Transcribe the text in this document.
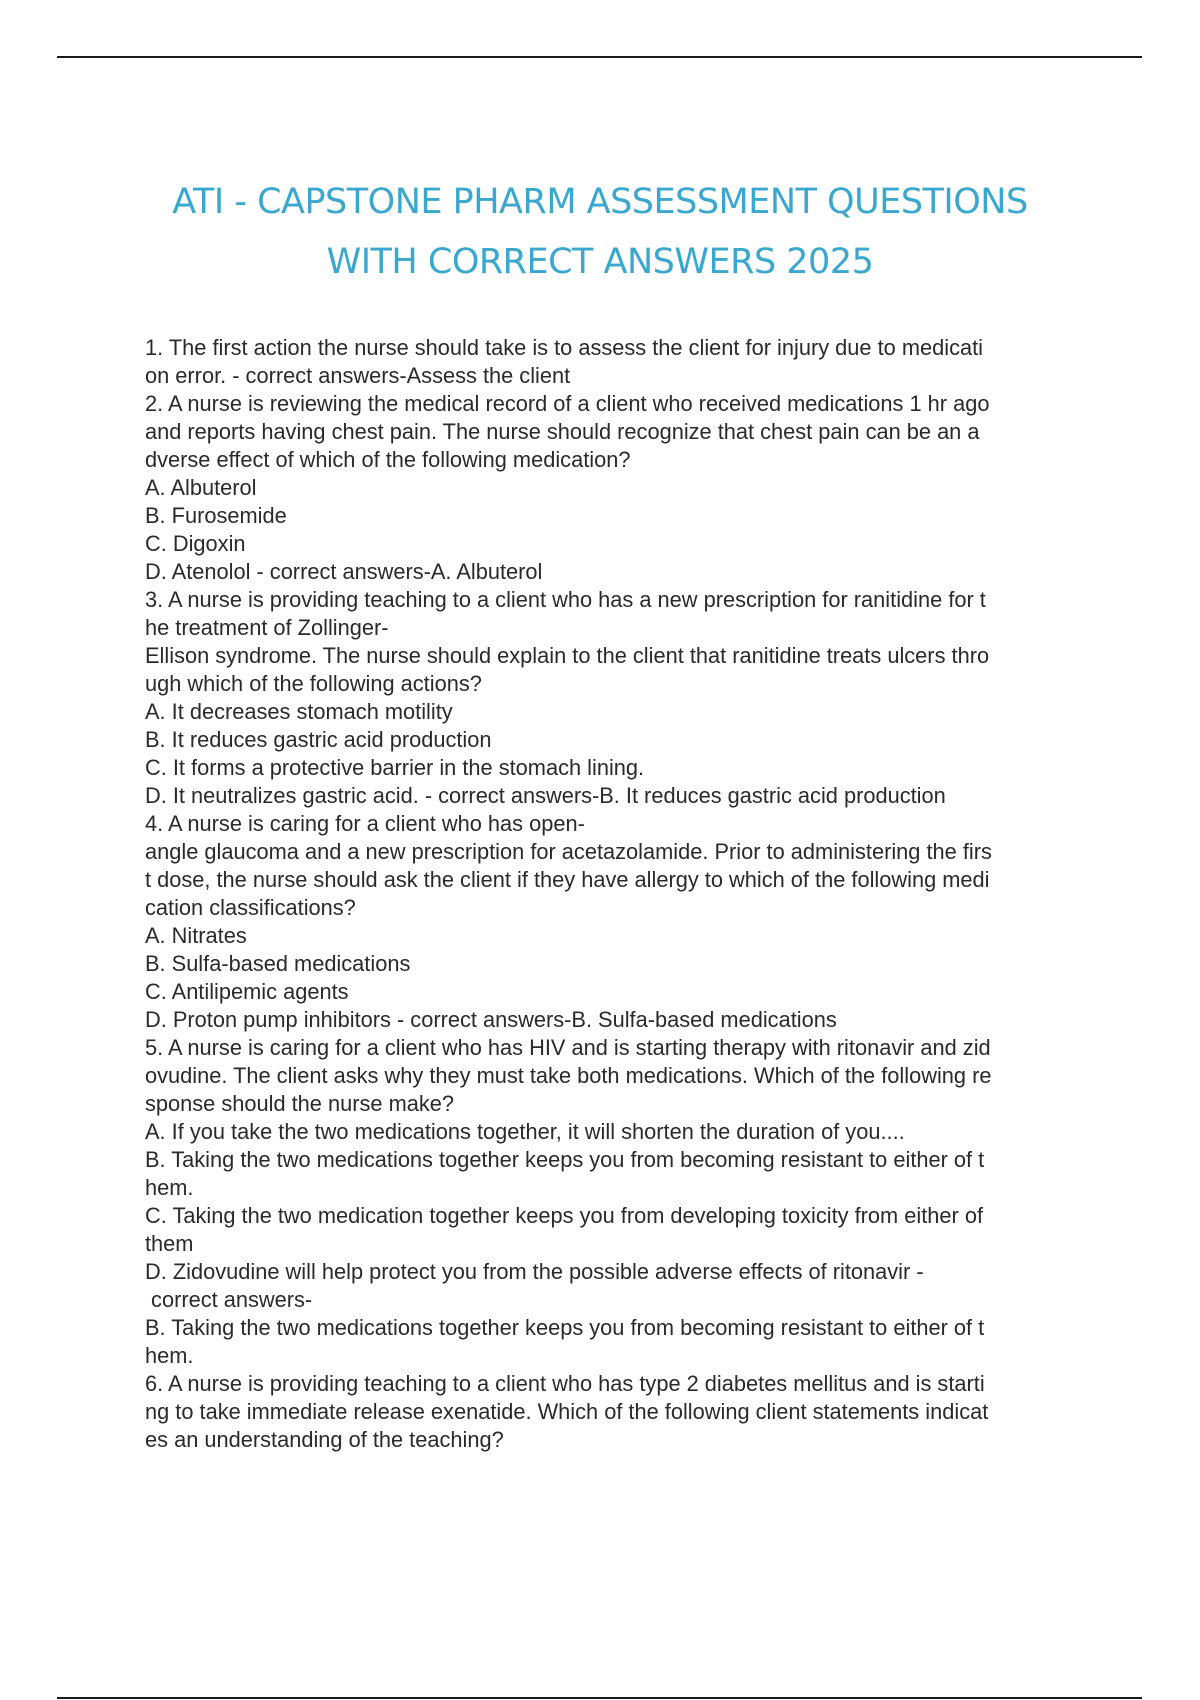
ATI - CAPSTONE PHARM ASSESSMENT QUESTIONS
WITH CORRECT ANSWERS 2025
1. The first action the nurse should take is to assess the client for injury due to medicati
on error. - correct answers-Assess the client
2. A nurse is reviewing the medical record of a client who received medications 1 hr ago
and reports having chest pain. The nurse should recognize that chest pain can be an a
dverse effect of which of the following medication?
A. Albuterol
B. Furosemide
C. Digoxin
D. Atenolol - correct answers-A. Albuterol
3. A nurse is providing teaching to a client who has a new prescription for ranitidine for t
he treatment of Zollinger-
Ellison syndrome. The nurse should explain to the client that ranitidine treats ulcers thro
ugh which of the following actions?
A. It decreases stomach motility
B. It reduces gastric acid production
C. It forms a protective barrier in the stomach lining.
D. It neutralizes gastric acid. - correct answers-B. It reduces gastric acid production
4. A nurse is caring for a client who has open-
angle glaucoma and a new prescription for acetazolamide. Prior to administering the firs
t dose, the nurse should ask the client if they have allergy to which of the following medi
cation classifications?
A. Nitrates
B. Sulfa-based medications
C. Antilipemic agents
D. Proton pump inhibitors - correct answers-B. Sulfa-based medications
5. A nurse is caring for a client who has HIV and is starting therapy with ritonavir and zid
ovudine. The client asks why they must take both medications. Which of the following re
sponse should the nurse make?
A. If you take the two medications together, it will shorten the duration of you....
B. Taking the two medications together keeps you from becoming resistant to either of t
hem.
C. Taking the two medication together keeps you from developing toxicity from either of
them
D. Zidovudine will help protect you from the possible adverse effects of ritonavir -
correct answers-
B. Taking the two medications together keeps you from becoming resistant to either of t
hem.
6. A nurse is providing teaching to a client who has type 2 diabetes mellitus and is starti
ng to take immediate release exenatide. Which of the following client statements indicat
es an understanding of the teaching?
